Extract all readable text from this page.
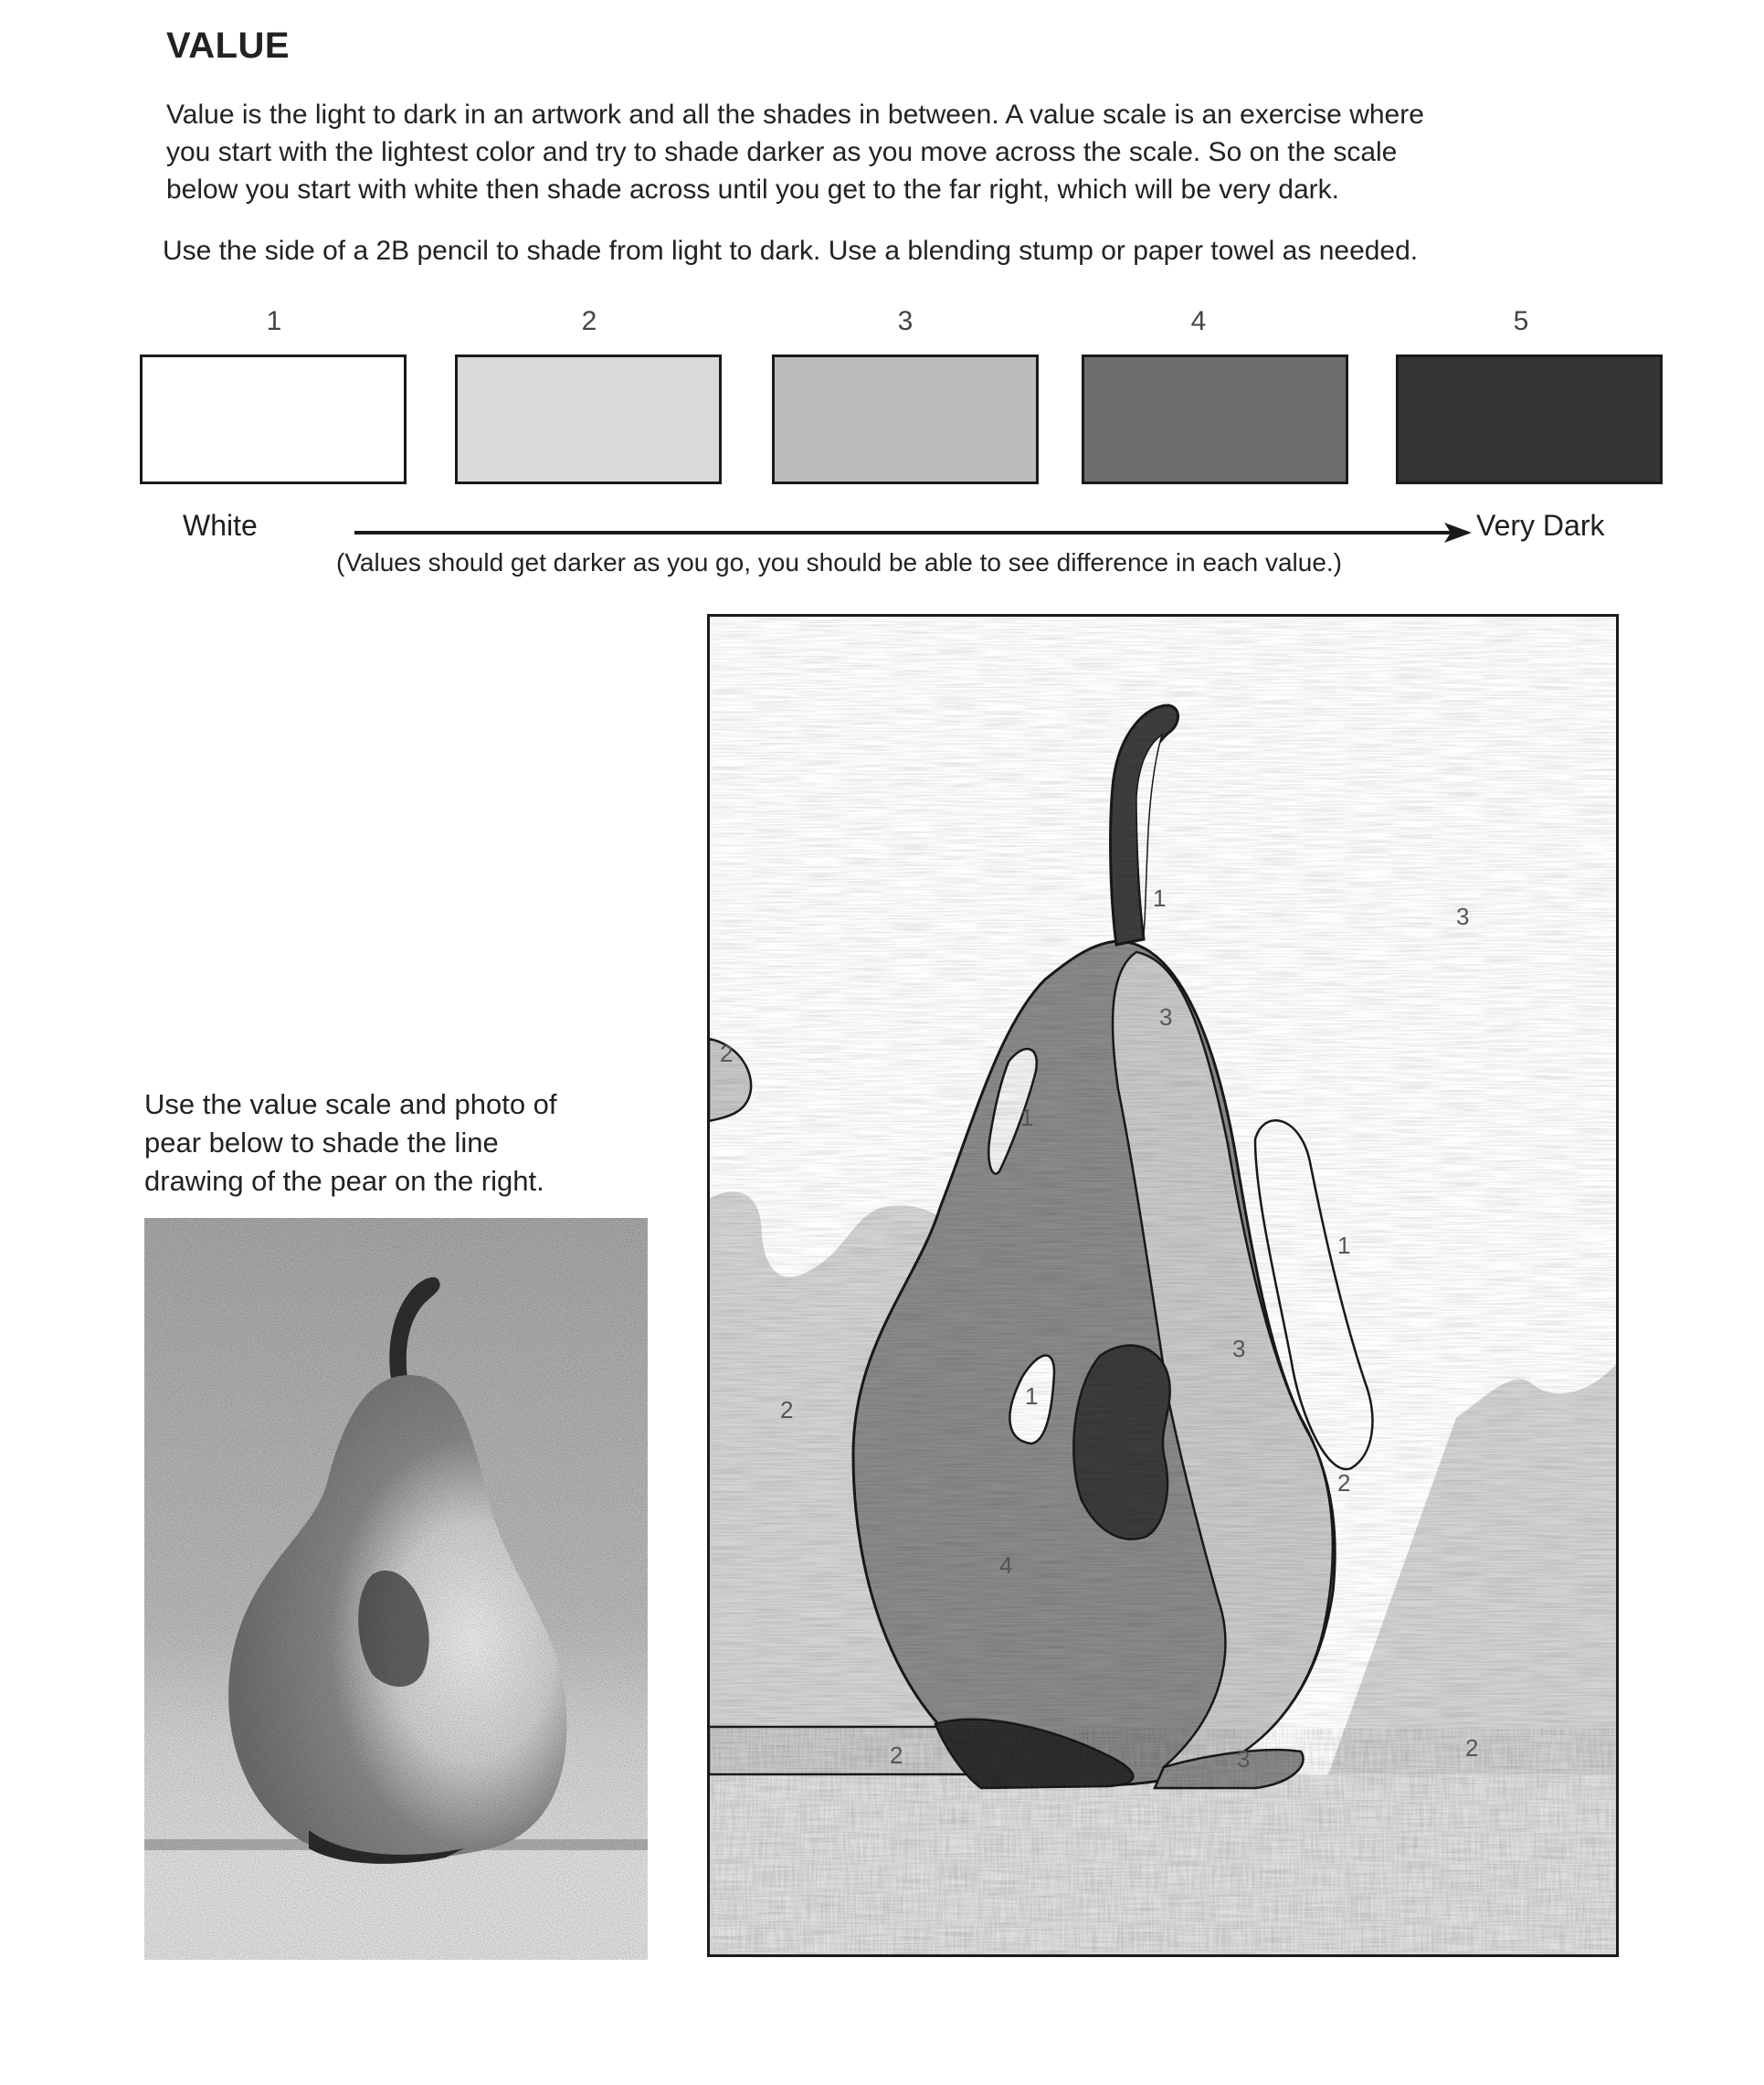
VALUE
Value is the light to dark in an artwork and all the shades in between. A value scale is an exercise where
you start with the lightest color and try to shade darker as you move across the scale. So on the scale
below you start with white then shade across until you get to the far right, which will be very dark.
Use the side of a 2B pencil to shade from light to dark. Use a blending stump or paper towel as needed.
1	2	3	4	5
White	Very Dark
(Values should get darker as you go, you should be able to see difference in each value.)
Use the value scale and photo of
pear below to shade the line
drawing of the pear on the right.
3
2
1
1
1
1
3
3
2
2
2
2
4
3
